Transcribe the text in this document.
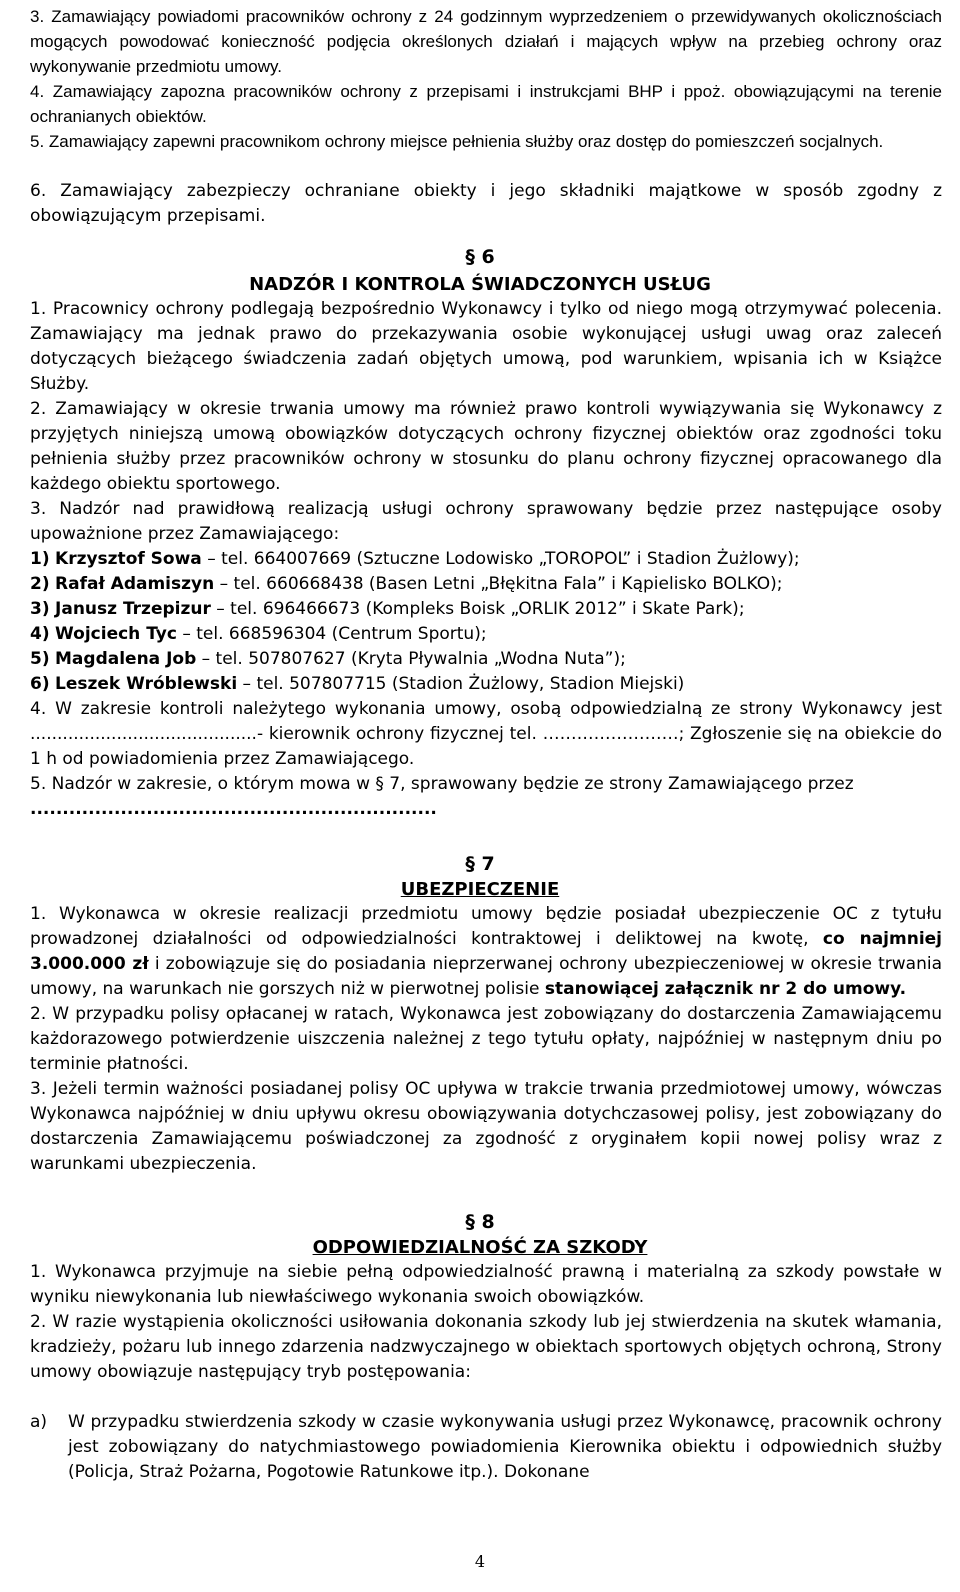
3. Zamawiający powiadomi pracowników ochrony z 24 godzinnym wyprzedzeniem o przewidywanych okolicznościach mogących powodować konieczność podjęcia określonych działań i mających wpływ na przebieg ochrony oraz wykonywanie przedmiotu umowy.
4. Zamawiający zapozna pracowników ochrony z przepisami i instrukcjami BHP i ppoż. obowiązującymi na terenie ochranianych obiektów.
5. Zamawiający zapewni pracownikom ochrony miejsce pełnienia służby oraz dostęp do pomieszczeń socjalnych.
6. Zamawiający zabezpieczy ochraniane obiekty i jego składniki majątkowe w sposób zgodny z obowiązującym przepisami.
§ 6
NADZÓR I KONTROLA ŚWIADCZONYCH USŁUG
1. Pracownicy ochrony podlegają bezpośrednio Wykonawcy i tylko od niego mogą otrzymywać polecenia. Zamawiający ma jednak prawo do przekazywania osobie wykonującej usługi uwag oraz zaleceń dotyczących bieżącego świadczenia zadań objętych umową, pod warunkiem, wpisania ich w Książce Służby.
2. Zamawiający w okresie trwania umowy ma również prawo kontroli wywiązywania się Wykonawcy z przyjętych niniejszą umową obowiązków dotyczących ochrony fizycznej obiektów oraz zgodności toku pełnienia służby przez pracowników ochrony w stosunku do planu ochrony fizycznej opracowanego dla każdego obiektu sportowego.
3. Nadzór nad prawidłową realizacją usługi ochrony sprawowany będzie przez następujące osoby upoważnione przez Zamawiającego:
1) Krzysztof Sowa – tel. 664007669 (Sztuczne Lodowisko „TOROPOL” i Stadion Żużlowy);
2) Rafał Adamiszyn – tel. 660668438 (Basen Letni „Błękitna Fala” i Kąpielisko BOLKO);
3) Janusz Trzepizur – tel. 696466673 (Kompleks Boisk „ORLIK 2012” i Skate Park);
4) Wojciech Tyc – tel. 668596304 (Centrum Sportu);
5) Magdalena Job – tel. 507807627 (Kryta Pływalnia „Wodna Nuta”);
6) Leszek Wróblewski – tel. 507807715 (Stadion Żużlowy, Stadion Miejski)
4. W zakresie kontroli należytego wykonania umowy, osobą odpowiedzialną ze strony Wykonawcy jest ..........................................- kierownik ochrony fizycznej tel. ……………………; Zgłoszenie się na obiekcie do 1 h od powiadomienia przez Zamawiającego.
5. Nadzór w zakresie, o którym mowa w § 7, sprawowany będzie ze strony Zamawiającego przez
...............................................................
§ 7
UBEZPIECZENIE
1. Wykonawca w okresie realizacji przedmiotu umowy będzie posiadał ubezpieczenie OC z tytułu prowadzonej działalności od odpowiedzialności kontraktowej i deliktowej na kwotę, co najmniej 3.000.000 zł i zobowiązuje się do posiadania nieprzerwanej ochrony ubezpieczeniowej w okresie trwania umowy, na warunkach nie gorszych niż w pierwotnej polisie stanowiącej załącznik nr 2 do umowy.
2. W przypadku polisy opłacanej w ratach, Wykonawca jest zobowiązany do dostarczenia Zamawiającemu każdorazowego potwierdzenie uiszczenia należnej z tego tytułu opłaty, najpóźniej w następnym dniu po terminie płatności.
3. Jeżeli termin ważności posiadanej polisy OC upływa w trakcie trwania przedmiotowej umowy, wówczas Wykonawca najpóźniej w dniu upływu okresu obowiązywania dotychczasowej polisy, jest zobowiązany do dostarczenia Zamawiającemu poświadczonej za zgodność z oryginałem kopii nowej polisy wraz z warunkami ubezpieczenia.
§ 8
ODPOWIEDZIALNOŚĆ ZA SZKODY
1. Wykonawca przyjmuje na siebie pełną odpowiedzialność prawną i materialną za szkody powstałe w wyniku niewykonania lub niewłaściwego wykonania swoich obowiązków.
2. W razie wystąpienia okoliczności usiłowania dokonania szkody lub jej stwierdzenia na skutek włamania, kradzieży, pożaru lub innego zdarzenia nadzwyczajnego w obiektach sportowych objętych ochroną, Strony umowy obowiązuje następujący tryb postępowania:
a) W przypadku stwierdzenia szkody w czasie wykonywania usługi przez Wykonawcę, pracownik ochrony jest zobowiązany do natychmiastowego powiadomienia Kierownika obiektu i odpowiednich służby (Policja, Straż Pożarna, Pogotowie Ratunkowe itp.). Dokonane
4
